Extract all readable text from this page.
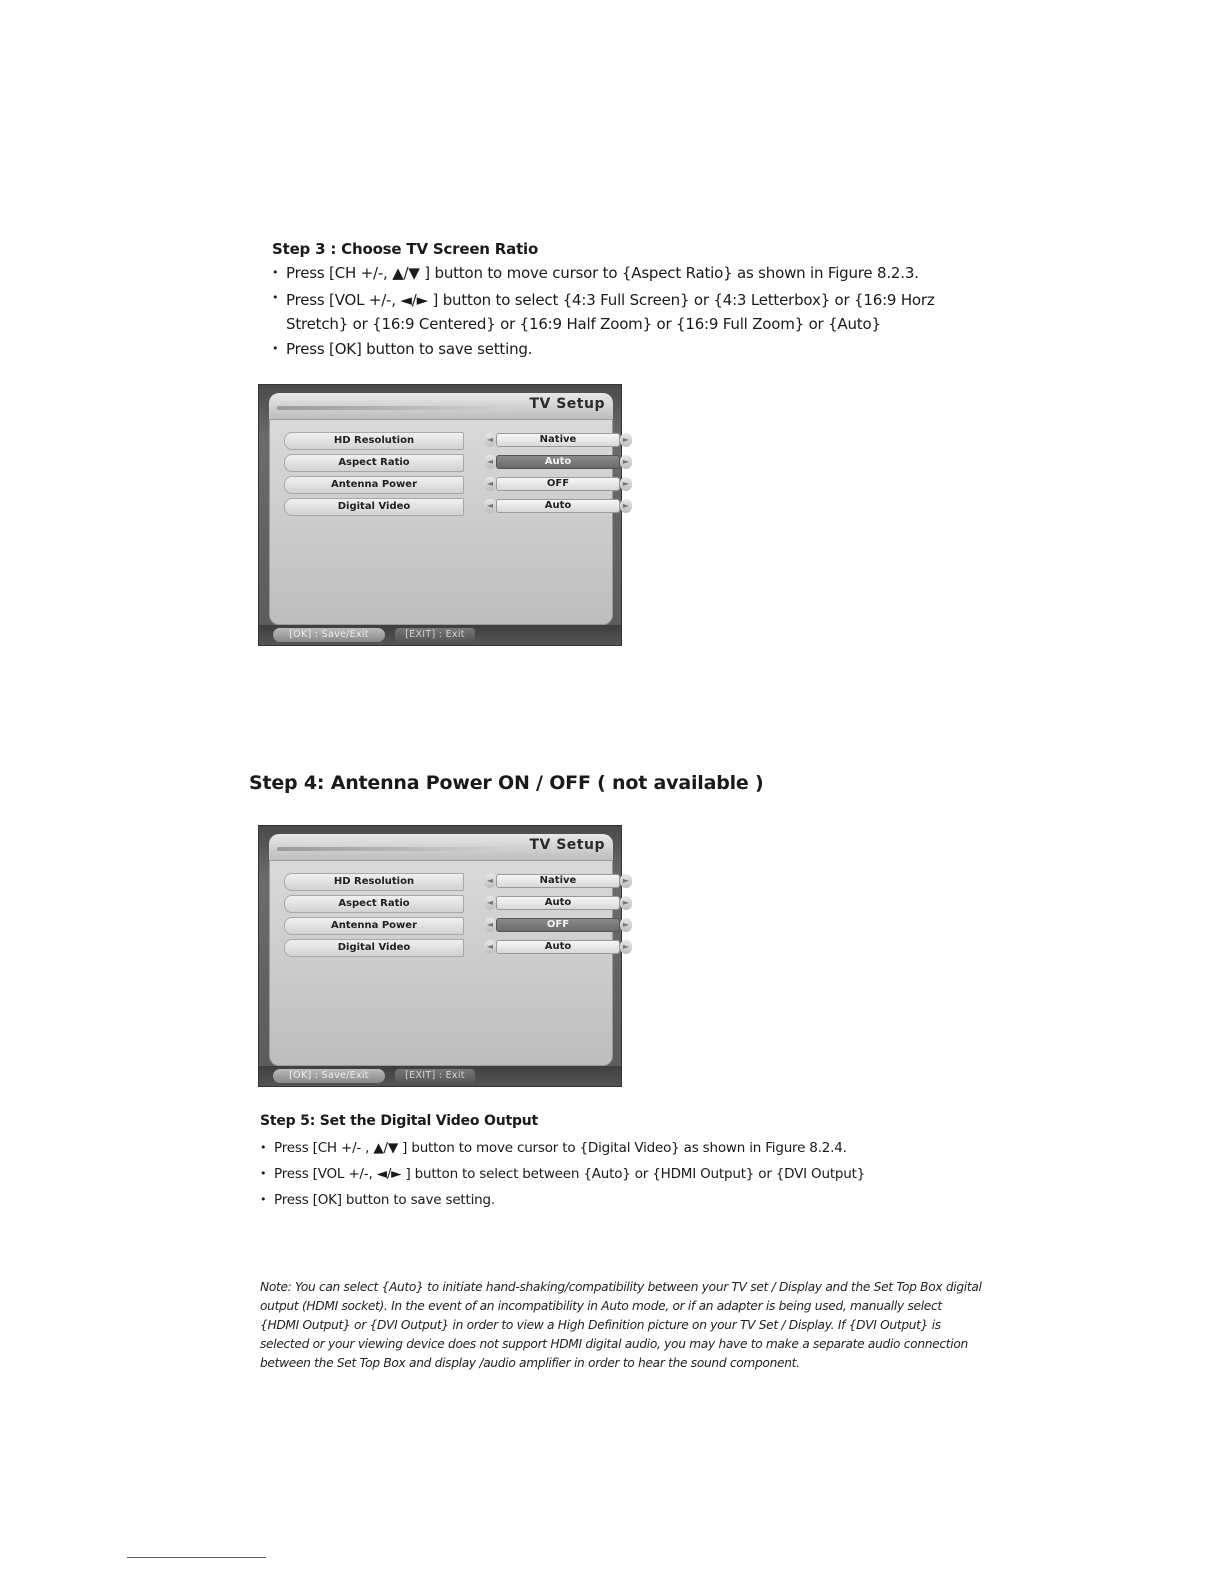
Step 3 : Choose TV Screen Ratio
• Press [CH +/-, ▲/▼ ] button to move cursor to {Aspect Ratio} as shown in Figure 8.2.3.
• Press [VOL +/-, ◄/► ] button to select {4:3 Full Screen} or {4:3 Letterbox} or {16:9 Horz Stretch} or {16:9 Centered} or {16:9 Half Zoom} or {16:9 Full Zoom} or {Auto}
• Press [OK] button to save setting.
TV Setup
HD Resolution	◄	Native	►
Aspect Ratio	◄	Auto	►
Antenna Power	◄	OFF	►
Digital Video	◄	Auto	►
[OK] : Save/Exit	[EXIT] : Exit
Step 4: Antenna Power ON / OFF ( not available )
TV Setup
HD Resolution	◄	Native	►
Aspect Ratio	◄	Auto	►
Antenna Power	◄	OFF	►
Digital Video	◄	Auto	►
[OK] : Save/Exit	[EXIT] : Exit
Step 5: Set the Digital Video Output
• Press [CH +/- , ▲/▼ ] button to move cursor to {Digital Video} as shown in Figure 8.2.4.
• Press [VOL +/-, ◄/► ] button to select between {Auto} or {HDMI Output} or {DVI Output}
• Press [OK] button to save setting.
Note: You can select {Auto} to initiate hand-shaking/compatibility between your TV set / Display and the Set Top Box digital output (HDMI socket). In the event of an incompatibility in Auto mode, or if an adapter is being used, manually select {HDMI Output} or {DVI Output} in order to view a High Definition picture on your TV Set / Display. If {DVI Output} is selected or your viewing device does not support HDMI digital audio, you may have to make a separate audio connection between the Set Top Box and display /audio amplifier in order to hear the sound component.
